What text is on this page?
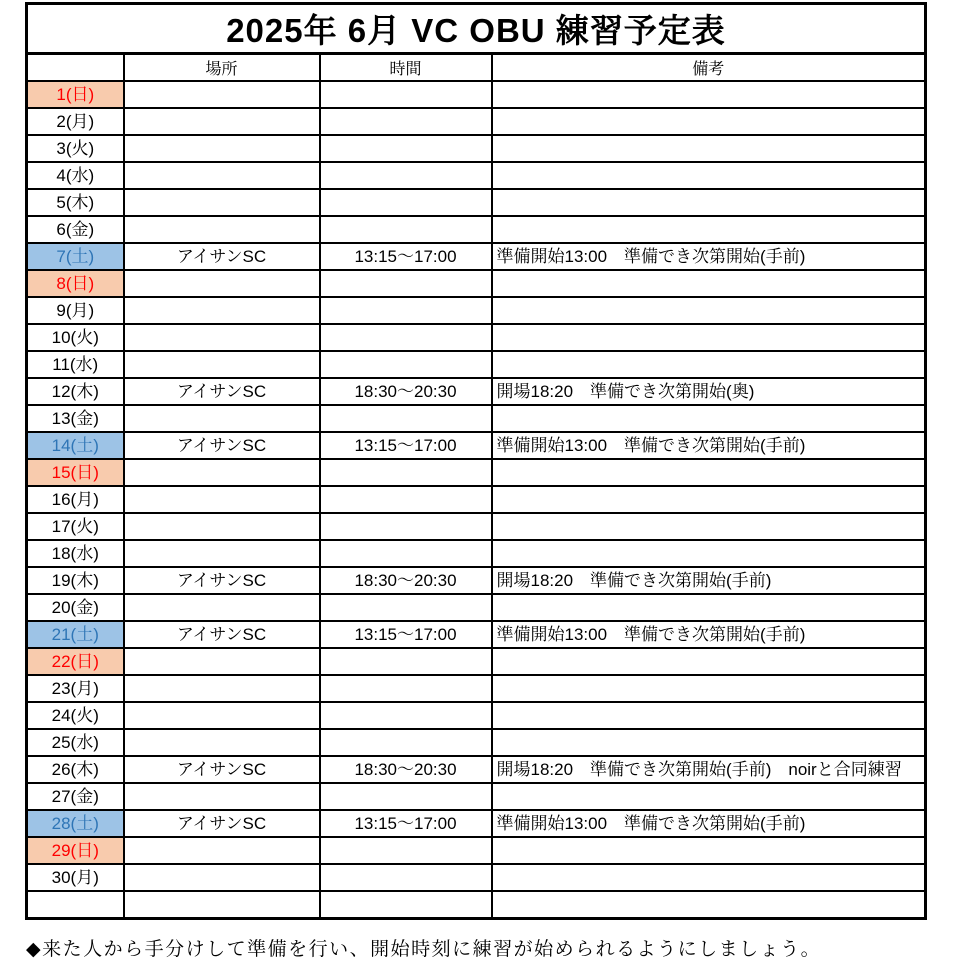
2025年 6月 VC OBU 練習予定表			
	場所	時間	備考
1(日)			
2(月)			
3(火)			
4(水)			
5(木)			
6(金)			
7(土)	アイサンSC	13:15～17:00	準備開始13:00　準備でき次第開始(手前)
8(日)			
9(月)			
10(火)			
11(水)			
12(木)	アイサンSC	18:30～20:30	開場18:20　準備でき次第開始(奥)
13(金)			
14(土)	アイサンSC	13:15～17:00	準備開始13:00　準備でき次第開始(手前)
15(日)			
16(月)			
17(火)			
18(水)			
19(木)	アイサンSC	18:30～20:30	開場18:20　準備でき次第開始(手前)
20(金)			
21(土)	アイサンSC	13:15～17:00	準備開始13:00　準備でき次第開始(手前)
22(日)			
23(月)			
24(火)			
25(水)			
26(木)	アイサンSC	18:30～20:30	開場18:20　準備でき次第開始(手前)　noirと合同練習
27(金)			
28(土)	アイサンSC	13:15～17:00	準備開始13:00　準備でき次第開始(手前)
29(日)			
30(月)			

◆来た人から手分けして準備を行い、開始時刻に練習が始められるようにしましょう。
